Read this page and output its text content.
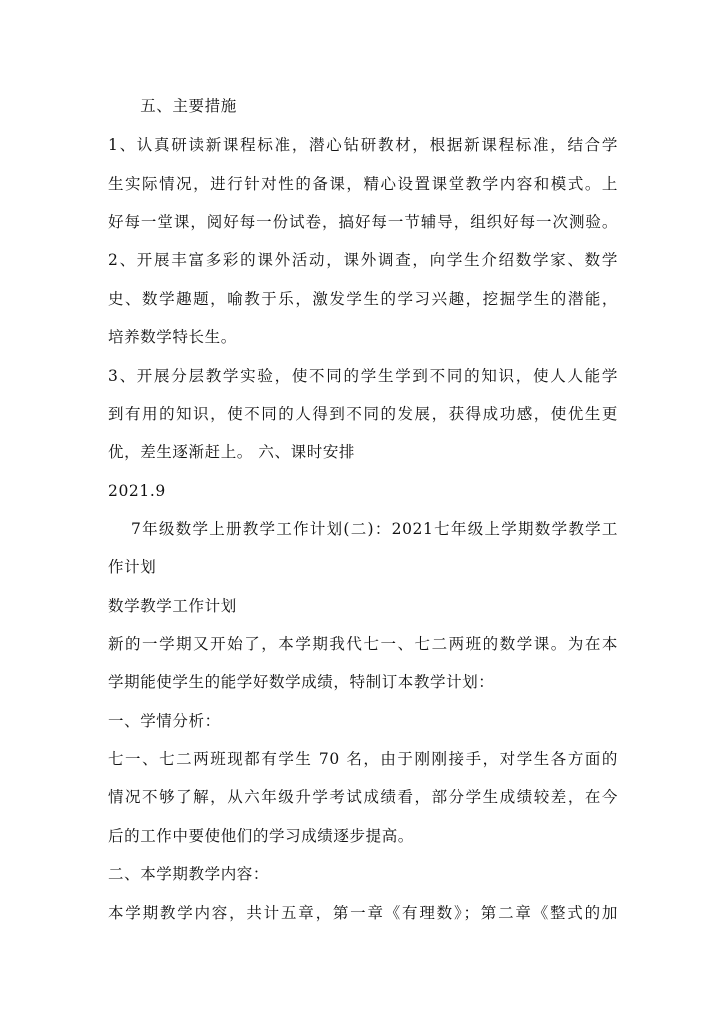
　　五、主要措施
1、认真研读新课程标准，潜心钻研教材，根据新课程标准，结合学
生实际情况，进行针对性的备课，精心设置课堂教学内容和模式。上
好每一堂课，阅好每一份试卷，搞好每一节辅导，组织好每一次测验。
2、开展丰富多彩的课外活动，课外调查，向学生介绍数学家、数学
史、数学趣题，喻教于乐，激发学生的学习兴趣，挖掘学生的潜能，
培养数学特长生。
3、开展分层教学实验，使不同的学生学到不同的知识，使人人能学
到有用的知识，使不同的人得到不同的发展，获得成功感，使优生更
优，差生逐渐赶上。 六、课时安排
2021.9
　 7年级数学上册教学工作计划(二)：2021七年级上学期数学教学工
作计划
数学教学工作计划
新的一学期又开始了，本学期我代七一、七二两班的数学课。为在本
学期能使学生的能学好数学成绩，特制订本教学计划：
一、学情分析：
七一、七二两班现都有学生 70 名，由于刚刚接手，对学生各方面的
情况不够了解，从六年级升学考试成绩看，部分学生成绩较差，在今
后的工作中要使他们的学习成绩逐步提高。
二、本学期教学内容：
本学期教学内容，共计五章，第一章《有理数》；第二章《整式的加
